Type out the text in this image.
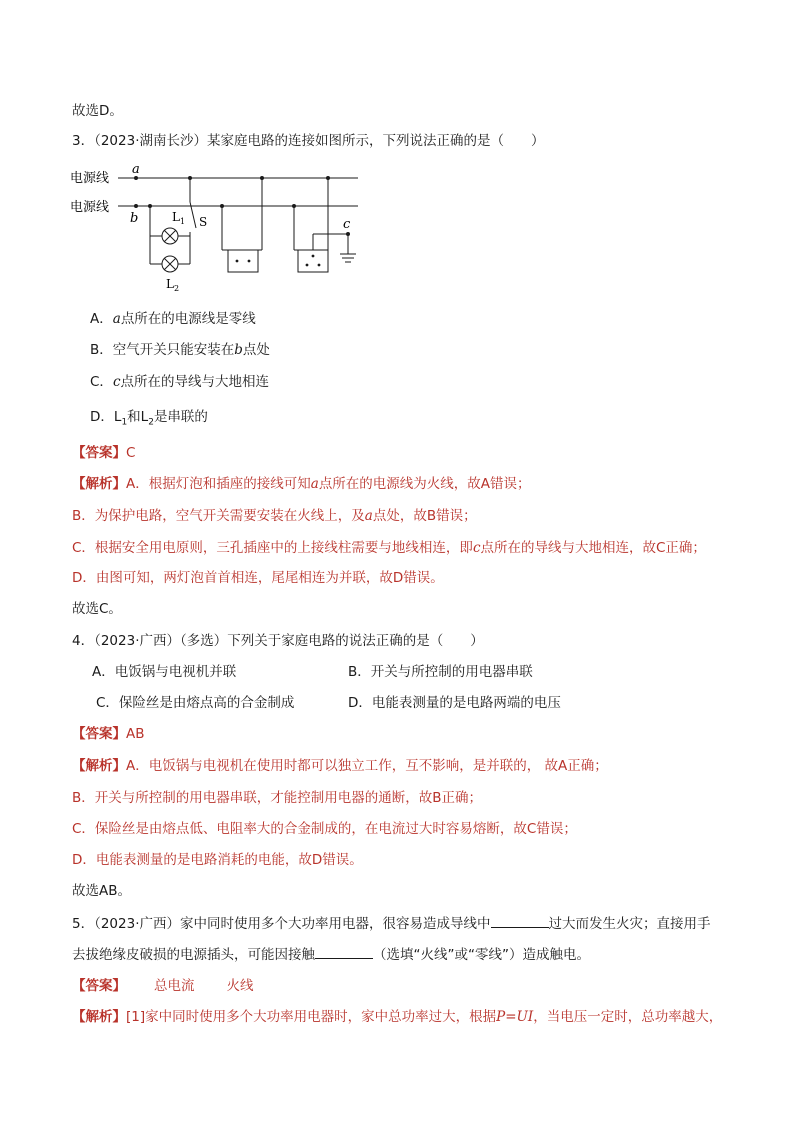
故选D。
3．（2023·湖南长沙）某家庭电路的连接如图所示，下列说法正确的是（　　）
电源线
电源线
a
b	c
$L_1$ S
$L_2$
A．a点所在的电源线是零线
B．空气开关只能安装在b点处
C．c点所在的导线与大地相连
D．$L_1$和$L_2$是串联的
【答案】C
【解析】A．根据灯泡和插座的接线可知a点所在的电源线为火线，故A错误；
B．为保护电路，空气开关需要安装在火线上，及a点处，故B错误；
C．根据安全用电原则，三孔插座中的上接线柱需要与地线相连，即c点所在的导线与大地相连，故C正确；
D．由图可知，两灯泡首首相连，尾尾相连为并联，故D错误。
故选C。
4．（2023·广西）（多选）下列关于家庭电路的说法正确的是（　　）
A．电饭锅与电视机并联	B．开关与所控制的用电器串联
C．保险丝是由熔点高的合金制成	D．电能表测量的是电路两端的电压
【答案】AB
【解析】A．电饭锅与电视机在使用时都可以独立工作，互不影响，是并联的， 故A正确；
B．开关与所控制的用电器串联，才能控制用电器的通断，故B正确；
C．保险丝是由熔点低、电阻率大的合金制成的，在电流过大时容易熔断，故C错误；
D．电能表测量的是电路消耗的电能，故D错误。
故选AB。
5．（2023·广西）家中同时使用多个大功率用电器，很容易造成导线中	过大而发生火灾；直接用手
去拔绝缘皮破损的电源插头，可能因接触	（选填“火线”或“零线”）造成触电。
【答案】 总电流 火线
【解析】[1]家中同时使用多个大功率用电器时，家中总功率过大，根据P=UI，当电压一定时，总功率越大，
